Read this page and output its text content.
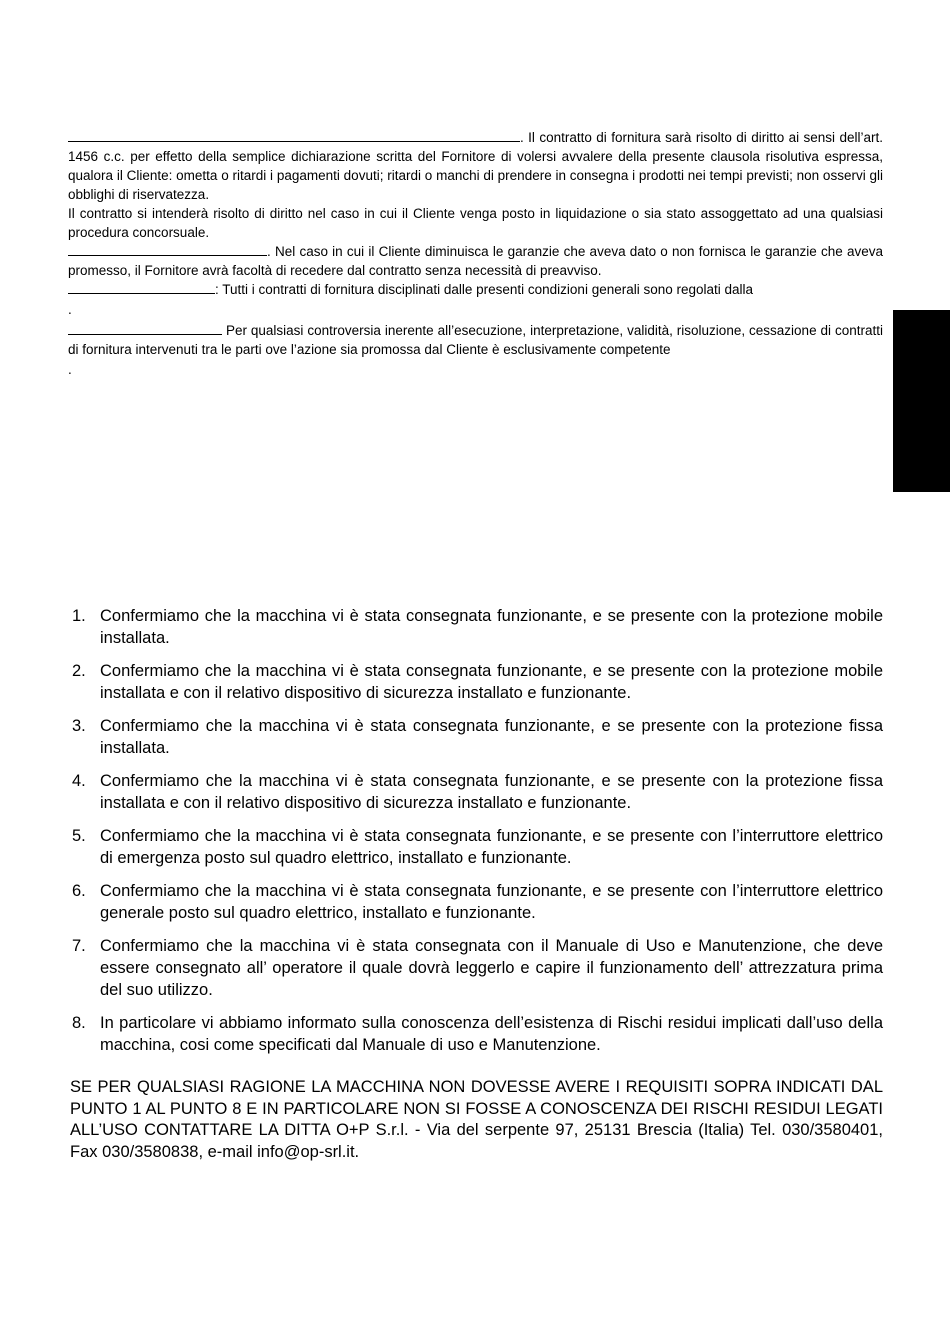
. Il contratto di fornitura sarà risolto di diritto ai sensi dell’art. 1456 c.c. per effetto della semplice dichiarazione scritta del Fornitore di volersi avvalere della presente clausola risolutiva espressa, qualora il Cliente: ometta o ritardi i pagamenti dovuti; ritardi o manchi di prendere in consegna i prodotti nei tempi previsti; non osservi gli obblighi di riservatezza.

Il contratto si intenderà risolto di diritto nel caso in cui il Cliente venga posto in liquidazione o sia stato assoggettato ad una qualsiasi procedura concorsuale.

. Nel caso in cui il Cliente diminuisca le garanzie che aveva dato o non fornisca le garanzie che aveva promesso, il Fornitore avrà facoltà di recedere dal contratto senza necessità di preavviso.

: Tutti i contratti di fornitura disciplinati dalle presenti condizioni generali sono regolati dalla

.

Per qualsiasi controversia inerente all’esecuzione, interpretazione, validità, risoluzione, cessazione di contratti di fornitura intervenuti tra le parti ove l’azione sia promossa dal Cliente è esclusivamente competente

.

1. Confermiamo che la macchina vi è stata consegnata funzionante, e se presente con la protezione mobile installata.
2. Confermiamo che la macchina vi è stata consegnata funzionante, e se presente con la protezione mobile installata e con il relativo dispositivo di sicurezza installato e funzionante.
3. Confermiamo che la macchina vi è stata consegnata funzionante, e se presente con la protezione fissa installata.
4. Confermiamo che la macchina vi è stata consegnata funzionante, e se presente con la protezione fissa installata e con il relativo dispositivo di sicurezza installato e funzionante.
5. Confermiamo che la macchina vi è stata consegnata funzionante, e se presente con l’interruttore elettrico di emergenza posto sul quadro elettrico, installato e funzionante.
6. Confermiamo che la macchina vi è stata consegnata funzionante, e se presente con l’interruttore elettrico generale posto sul quadro elettrico, installato e funzionante.
7. Confermiamo che la macchina vi è stata consegnata con il Manuale di Uso e Manutenzione, che deve essere consegnato all’ operatore il quale dovrà leggerlo e capire il funzionamento dell’ attrezzatura prima del suo utilizzo.
8. In particolare vi abbiamo informato sulla conoscenza dell’esistenza di Rischi residui implicati dall’uso della macchina, cosi come specificati dal Manuale di uso e Manutenzione.
SE PER QUALSIASI RAGIONE LA MACCHINA NON DOVESSE AVERE I REQUISITI SOPRA INDICATI DAL PUNTO 1 AL PUNTO 8 E IN PARTICOLARE NON SI FOSSE A CONOSCENZA DEI RISCHI RESIDUI LEGATI ALL’USO CONTATTARE LA DITTA O+P S.r.l. - Via del serpente 97, 25131 Brescia (Italia) Tel. 030/3580401, Fax 030/3580838, e-mail info@op-srl.it.
